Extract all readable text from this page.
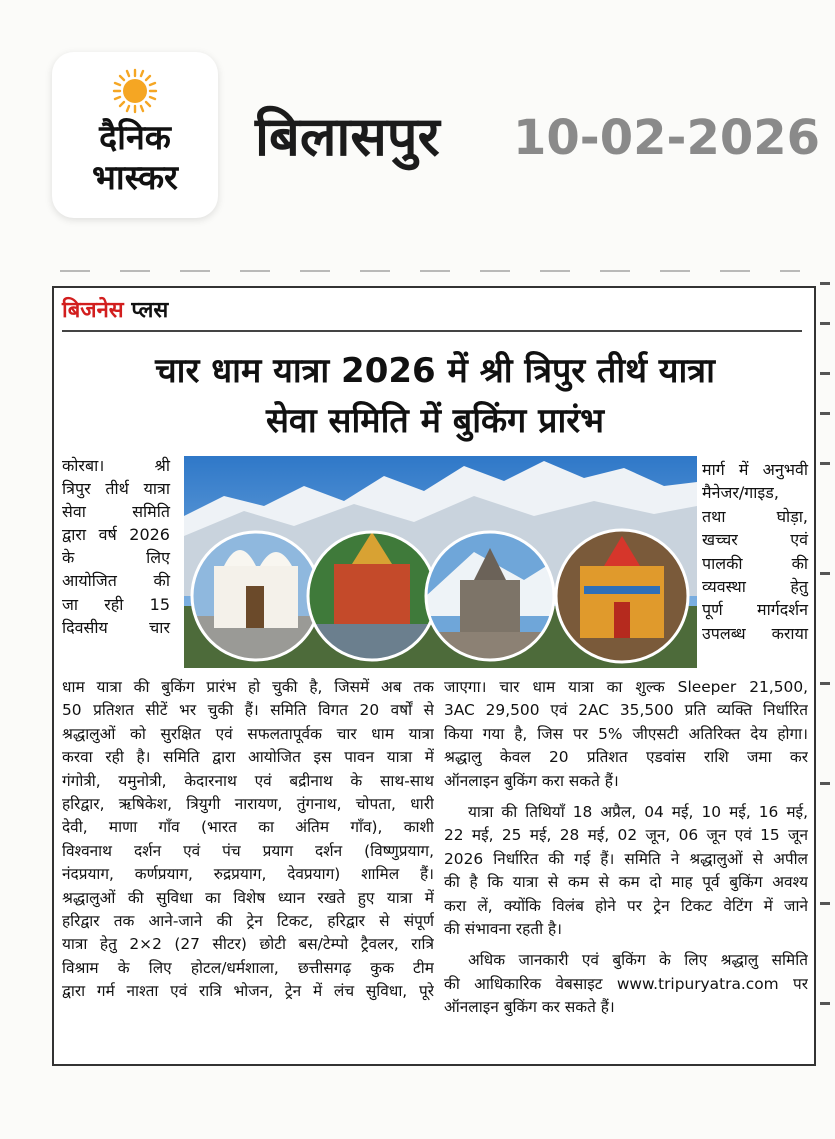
दैनिक
भास्कर
बिलासपुर 10-02-2026
बिजनेस प्लस
चार धाम यात्रा 2026 में श्री त्रिपुर तीर्थ यात्रा
सेवा समिति में बुकिंग प्रारंभ
कोरबा। श्री
त्रिपुर तीर्थ यात्रा
सेवा समिति
द्वारा वर्ष 2026
के लिए
आयोजित की
जा रही 15
दिवसीय चार
मार्ग में अनुभवी
मैनेजर/गाइड,
तथा घोड़ा,
खच्चर एवं
पालकी की
व्यवस्था हेतु
पूर्ण मार्गदर्शन
उपलब्ध कराया
धाम यात्रा की बुकिंग प्रारंभ हो चुकी है, जिसमें अब तक
50 प्रतिशत सीटें भर चुकी हैं। समिति विगत 20 वर्षों से
श्रद्धालुओं को सुरक्षित एवं सफलतापूर्वक चार धाम यात्रा
करवा रही है। समिति द्वारा आयोजित इस पावन यात्रा में
गंगोत्री, यमुनोत्री, केदारनाथ एवं बद्रीनाथ के साथ-साथ
हरिद्वार, ऋषिकेश, त्रियुगी नारायण, तुंगनाथ, चोपता, धारी
देवी, माणा गाँव (भारत का अंतिम गाँव), काशी
विश्वनाथ दर्शन एवं पंच प्रयाग दर्शन (विष्णुप्रयाग,
नंदप्रयाग, कर्णप्रयाग, रुद्रप्रयाग, देवप्रयाग) शामिल हैं।
श्रद्धालुओं की सुविधा का विशेष ध्यान रखते हुए यात्रा में
हरिद्वार तक आने-जाने की ट्रेन टिकट, हरिद्वार से संपूर्ण
यात्रा हेतु 2×2 (27 सीटर) छोटी बस/टेम्पो ट्रैवलर, रात्रि
विश्राम के लिए होटल/धर्मशाला, छत्तीसगढ़ कुक टीम
द्वारा गर्म नाश्ता एवं रात्रि भोजन, ट्रेन में लंच सुविधा, पूरे
जाएगा। चार धाम यात्रा का शुल्क Sleeper 21,500,
3AC 29,500 एवं 2AC 35,500 प्रति व्यक्ति निर्धारित
किया गया है, जिस पर 5% जीएसटी अतिरिक्त देय होगा।
श्रद्धालु केवल 20 प्रतिशत एडवांस राशि जमा कर
ऑनलाइन बुकिंग करा सकते हैं।
यात्रा की तिथियाँ 18 अप्रैल, 04 मई, 10 मई, 16 मई,
22 मई, 25 मई, 28 मई, 02 जून, 06 जून एवं 15 जून
2026 निर्धारित की गई हैं। समिति ने श्रद्धालुओं से अपील
की है कि यात्रा से कम से कम दो माह पूर्व बुकिंग अवश्य
करा लें, क्योंकि विलंब होने पर ट्रेन टिकट वेटिंग में जाने
की संभावना रहती है।
अधिक जानकारी एवं बुकिंग के लिए श्रद्धालु समिति
की आधिकारिक वेबसाइट www.tripuryatra.com पर
ऑनलाइन बुकिंग कर सकते हैं।
